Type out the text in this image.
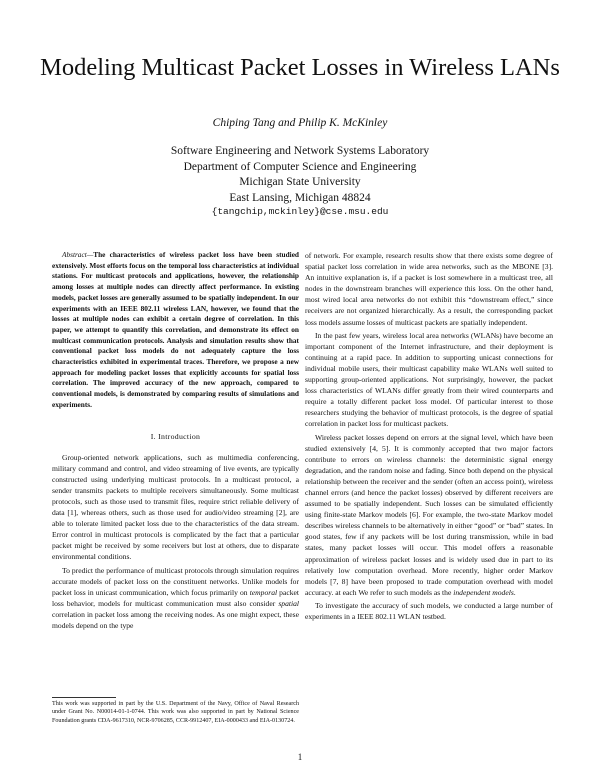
Modeling Multicast Packet Losses in Wireless LANs
Chiping Tang and Philip K. McKinley
Software Engineering and Network Systems Laboratory
Department of Computer Science and Engineering
Michigan State University
East Lansing, Michigan 48824
{tangchip,mckinley}@cse.msu.edu

Abstract—The characteristics of wireless packet loss have been studied extensively. Most efforts focus on the temporal loss characteristics at individual stations. For multicast protocols and applications, however, the relationship among losses at multiple nodes can directly affect performance. In existing models, packet losses are generally assumed to be spatially independent. In our experiments with an IEEE 802.11 wireless LAN, however, we found that the losses at multiple nodes can exhibit a certain degree of correlation. In this paper, we attempt to quantify this correlation, and demonstrate its effect on multicast communication protocols. Analysis and simulation results show that conventional packet loss models do not adequately capture the loss characteristics exhibited in experimental traces. Therefore, we propose a new approach for modeling packet losses that explicitly accounts for spatial loss correlation. The improved accuracy of the new approach, compared to conventional models, is demonstrated by comparing results of simulations and experiments.

I. Introduction

Group-oriented network applications, such as multimedia conferencing, military command and control, and video streaming of live events, are typically constructed using underlying multicast protocols. In a multicast protocol, a sender transmits packets to multiple receivers simultaneously. Some multicast protocols, such as those used to transmit files, require strict reliable delivery of data [1], whereas others, such as those used for audio/video streaming [2], are able to tolerate limited packet loss due to the characteristics of the data stream. Error control in multicast protocols is complicated by the fact that a particular packet might be received by some receivers but lost at others, due to disparate environmental conditions.

To predict the performance of multicast protocols through simulation requires accurate models of packet loss on the constituent networks. Unlike models for packet loss in unicast communication, which focus primarily on temporal packet loss behavior, models for multicast communication must also consider spatial correlation in packet loss among the receiving nodes. As one might expect, these models depend on the type

of network. For example, research results show that there exists some degree of spatial packet loss correlation in wide area networks, such as the MBONE [3]. An intuitive explanation is, if a packet is lost somewhere in a multicast tree, all nodes in the downstream branches will experience this loss. On the other hand, most wired local area networks do not exhibit this “downstream effect,” since receivers are not organized hierarchically. As a result, the corresponding packet loss models assume losses of multicast packets are spatially independent.

In the past few years, wireless local area networks (WLANs) have become an important component of the Internet infrastructure, and their deployment is continuing at a rapid pace. In addition to supporting unicast connections for individual mobile users, their multicast capability make WLANs well suited to supporting group-oriented applications. Not surprisingly, however, the packet loss characteristics of WLANs differ greatly from their wired counterparts and require a totally different packet loss model. Of particular interest to those researchers studying the behavior of multicast protocols, is the degree of spatial correlation in packet loss for multicast packets.

Wireless packet losses depend on errors at the signal level, which have been studied extensively [4, 5]. It is commonly accepted that two major factors contribute to errors on wireless channels: the deterministic signal energy degradation, and the random noise and fading. Since both depend on the physical relationship between the receiver and the sender (often an access point), wireless channel errors (and hence the packet losses) observed by different receivers are assumed to be spatially independent. Such losses can be simulated efficiently using finite-state Markov models [6]. For example, the two-state Markov model describes wireless channels to be alternatively in either “good” or “bad” states. In good states, few if any packets will be lost during transmission, while in bad states, many packet losses will occur. This model offers a reasonable approximation of wireless packet losses and is widely used due in part to its relatively low computation overhead. More recently, higher order Markov models [7, 8] have been proposed to trade computation overhead with model accuracy. at each We refer to such models as the independent models.

To investigate the accuracy of such models, we conducted a large number of experiments in a IEEE 802.11 WLAN testbed.

This work was supported in part by the U.S. Department of the Navy, Office of Naval Research under Grant No. N00014-01-1-0744. This work was also supported in part by National Science Foundation grants CDA-9617310, NCR-9706285, CCR-9912407, EIA-0000433 and EIA-0130724.
1
